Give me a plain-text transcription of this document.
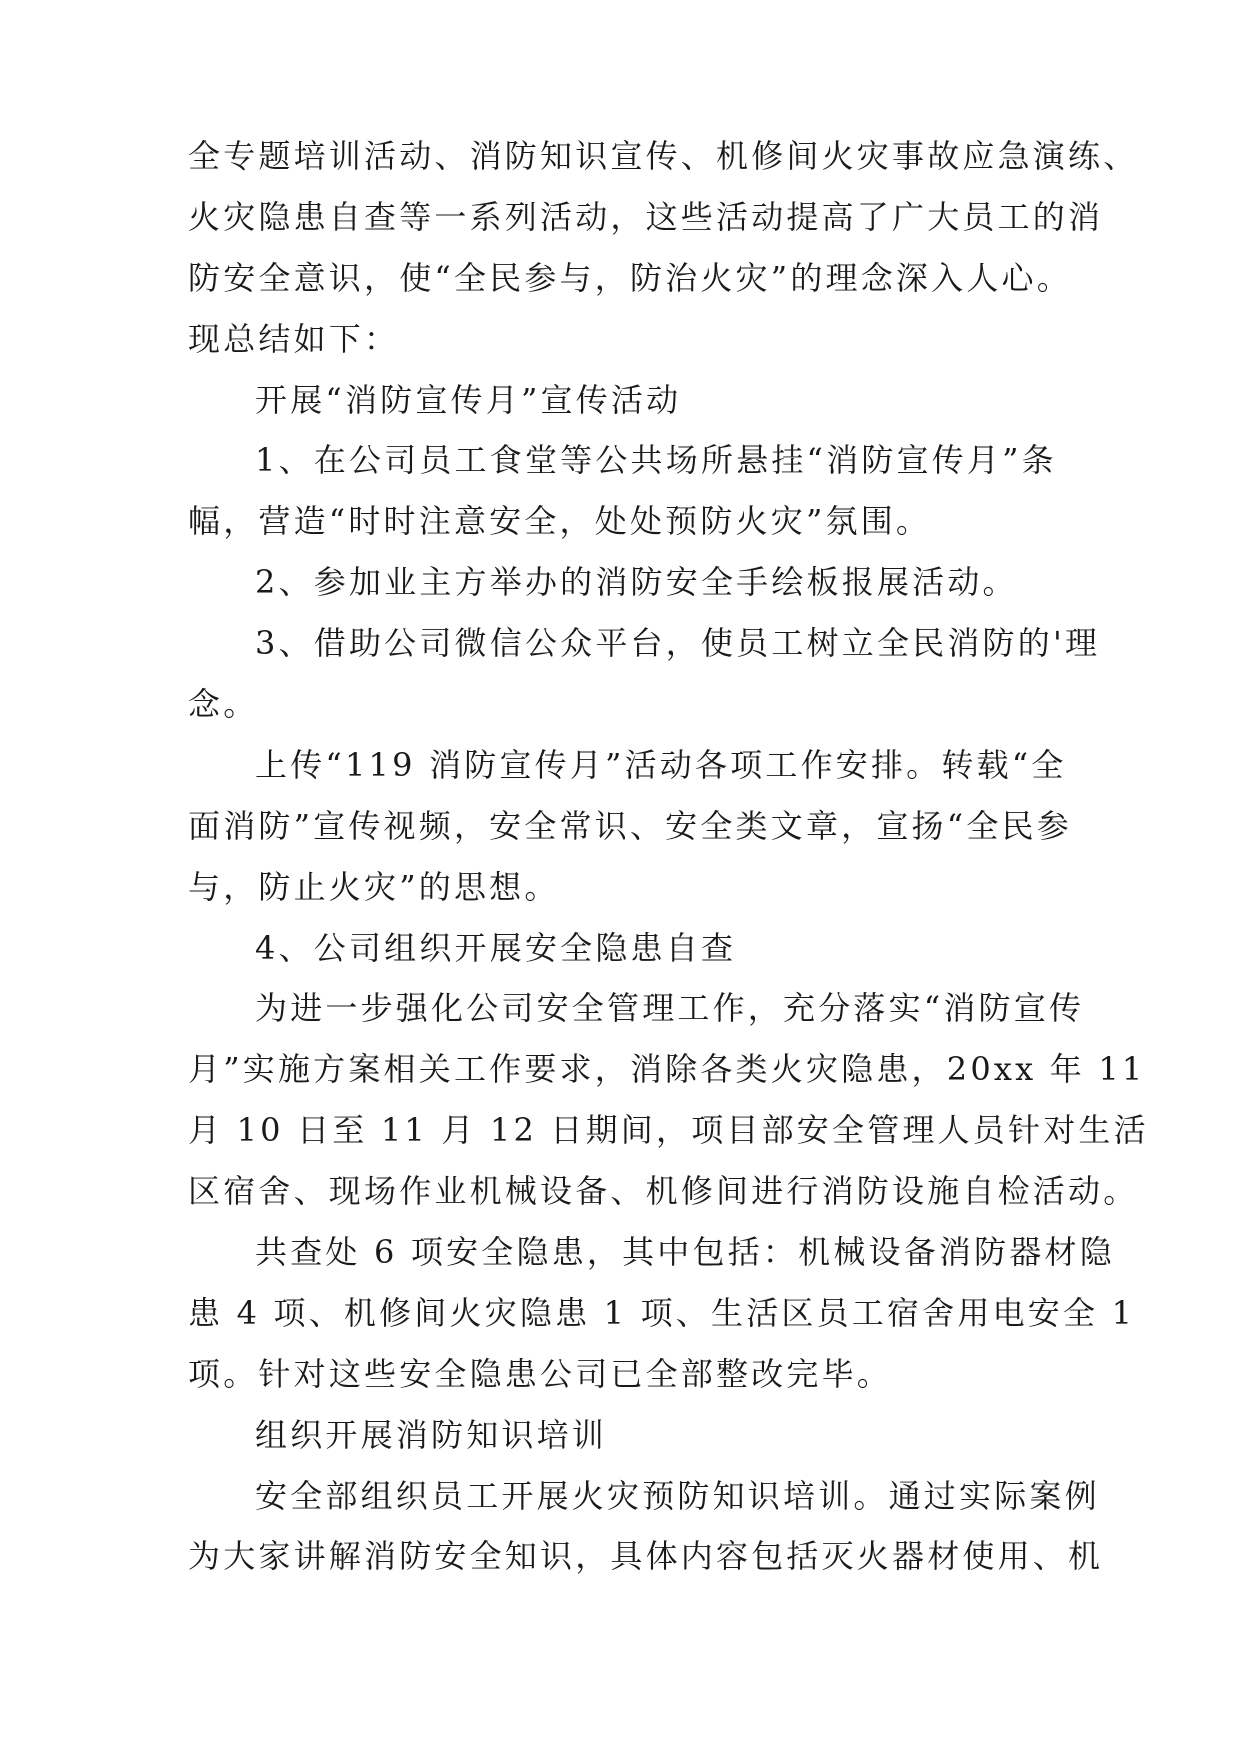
全专题培训活动、消防知识宣传、机修间火灾事故应急演练、
火灾隐患自查等一系列活动，这些活动提高了广大员工的消
防安全意识，使“全民参与，防治火灾”的理念深入人心。
现总结如下：
开展“消防宣传月”宣传活动
1、在公司员工食堂等公共场所悬挂“消防宣传月”条
幅，营造“时时注意安全，处处预防火灾”氛围。
2、参加业主方举办的消防安全手绘板报展活动。
3、借助公司微信公众平台，使员工树立全民消防的'理
念。
上传“119 消防宣传月”活动各项工作安排。转载“全
面消防”宣传视频，安全常识、安全类文章，宣扬“全民参
与，防止火灾”的思想。
4、公司组织开展安全隐患自查
为进一步强化公司安全管理工作，充分落实“消防宣传
月”实施方案相关工作要求，消除各类火灾隐患，20xx 年 11
月 10 日至 11 月 12 日期间，项目部安全管理人员针对生活
区宿舍、现场作业机械设备、机修间进行消防设施自检活动。
共查处 6 项安全隐患，其中包括：机械设备消防器材隐
患 4 项、机修间火灾隐患 1 项、生活区员工宿舍用电安全 1
项。针对这些安全隐患公司已全部整改完毕。
组织开展消防知识培训
安全部组织员工开展火灾预防知识培训。通过实际案例
为大家讲解消防安全知识，具体内容包括灭火器材使用、机
